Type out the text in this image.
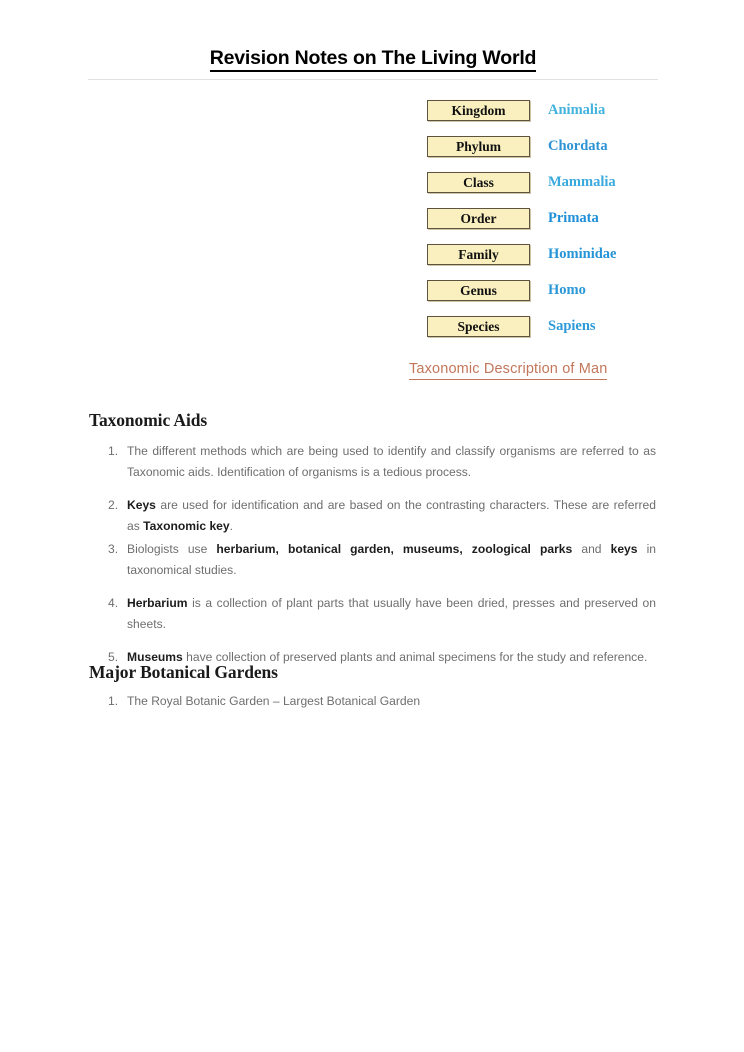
Revision Notes on The Living World
Kingdom	Animalia
Phylum	Chordata
Class	Mammalia
Order	Primata
Family	Hominidae
Genus	Homo
Species	Sapiens
Taxonomic Description of Man
Taxonomic Aids
1. The different methods which are being used to identify and classify organisms are referred to as Taxonomic aids. Identification of organisms is a tedious process.
2. Keys are used for identification and are based on the contrasting characters. These are referred as Taxonomic key.
3. Biologists use herbarium, botanical garden, museums, zoological parks and keys in taxonomical studies.
4. Herbarium is a collection of plant parts that usually have been dried, presses and preserved on sheets.
5. Museums have collection of preserved plants and animal specimens for the study and reference.
Major Botanical Gardens
1. The Royal Botanic Garden – Largest Botanical Garden
